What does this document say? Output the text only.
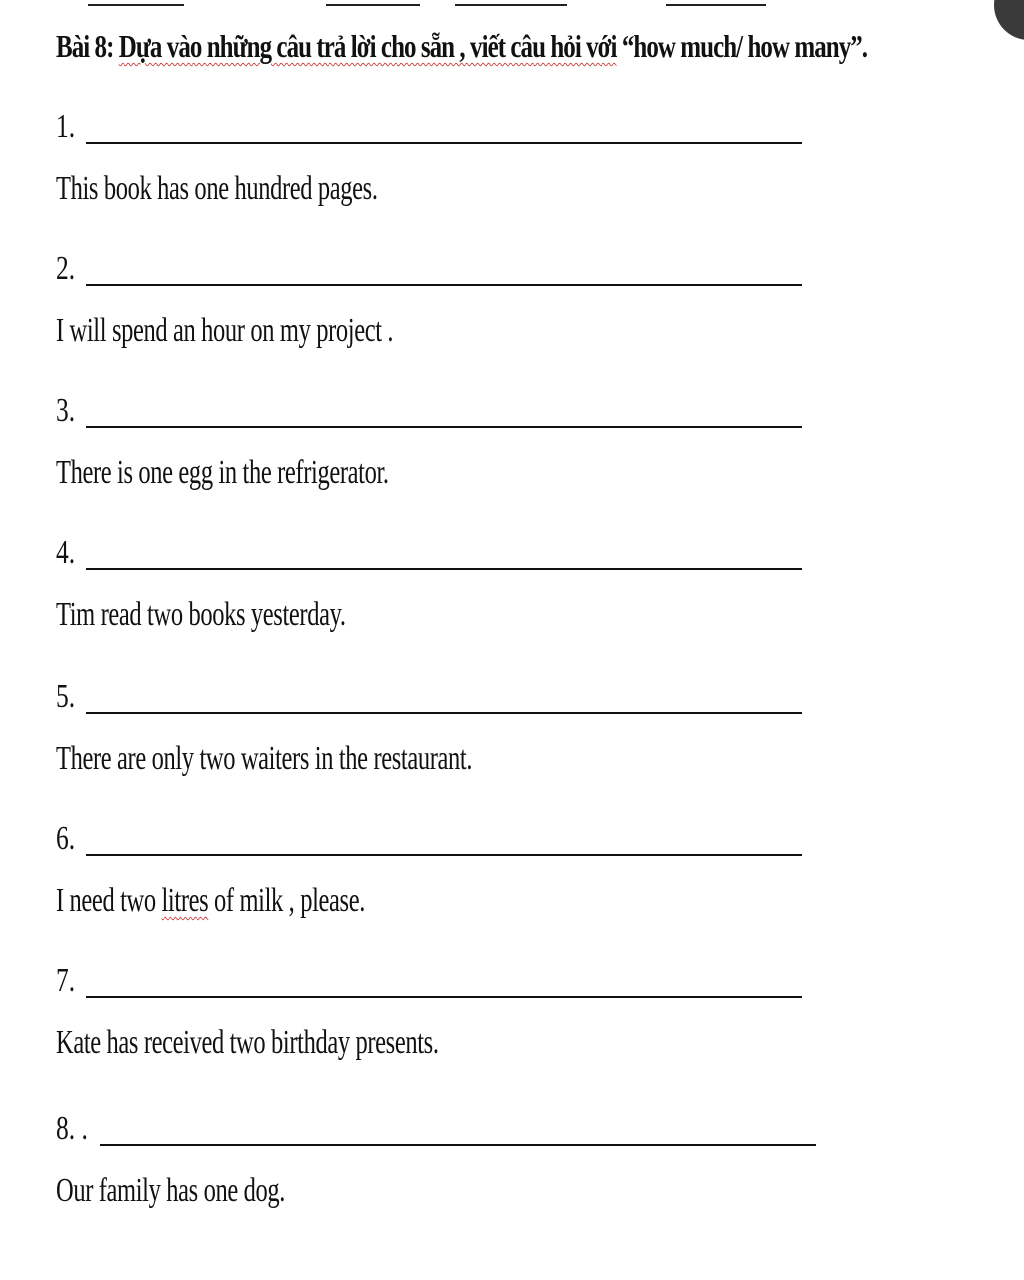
Bài 8: Dựa vào những câu trả lời cho sẵn , viết câu hỏi với “how much/ how many”.
1.
This book has one hundred pages.
2.
I will spend an hour on my project .
3.
There is one egg in the refrigerator.
4.
Tim read two books yesterday.
5.
There are only two waiters in the restaurant.
6.
I need two litres of milk , please.
7.
Kate has received two birthday presents.
8. .
Our family has one dog.
